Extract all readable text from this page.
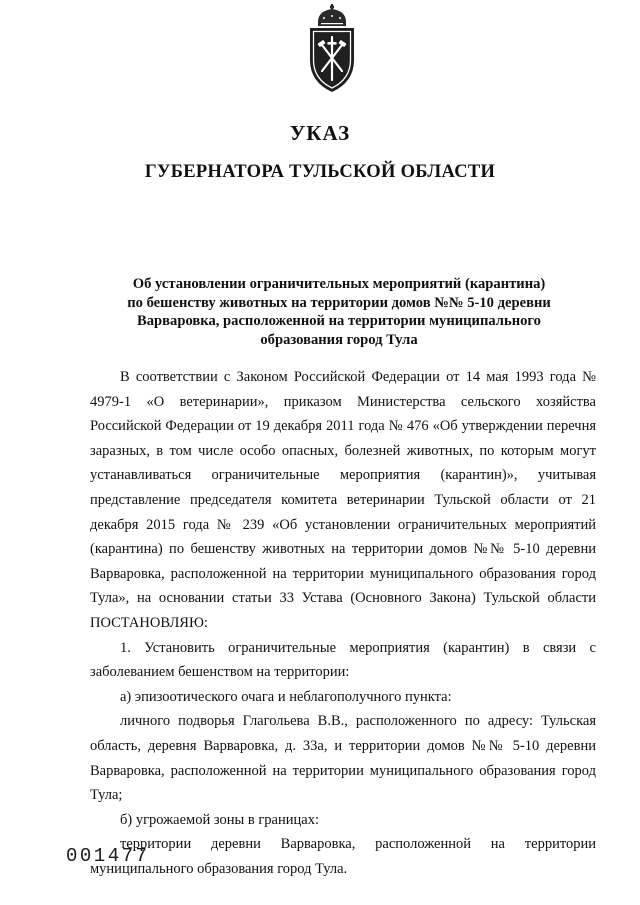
УКАЗ
ГУБЕРНАТОРА ТУЛЬСКОЙ ОБЛАСТИ
Об установлении ограничительных мероприятий (карантина)
по бешенству животных на территории домов №№ 5-10 деревни
Варваровка, расположенной на территории муниципального
образования город Тула

В соответствии с Законом Российской Федерации от 14 мая 1993 года № 4979-1 «О ветеринарии», приказом Министерства сельского хозяйства Российской Федерации от 19 декабря 2011 года № 476 «Об утверждении перечня заразных, в том числе особо опасных, болезней животных, по которым могут устанавливаться ограничительные мероприятия (карантин)», учитывая представление председателя комитета ветеринарии Тульской области от 21 декабря 2015 года № 239 «Об установлении ограничительных мероприятий (карантина) по бешенству животных на территории домов №№ 5-10 деревни Варваровка, расположенной на территории муниципального образования город Тула», на основании статьи 33 Устава (Основного Закона) Тульской области ПОСТАНОВЛЯЮ:

1. Установить ограничительные мероприятия (карантин) в связи с заболеванием бешенством на территории:

а) эпизоотического очага и неблагополучного пункта:

личного подворья Глагольева В.В., расположенного по адресу: Тульская область, деревня Варваровка, д. 33а, и территории домов №№ 5-10 деревни Варваровка, расположенной на территории муниципального образования город Тула;

б) угрожаемой зоны в границах:

территории деревни Варваровка, расположенной на территории муниципального образования город Тула.

001477
